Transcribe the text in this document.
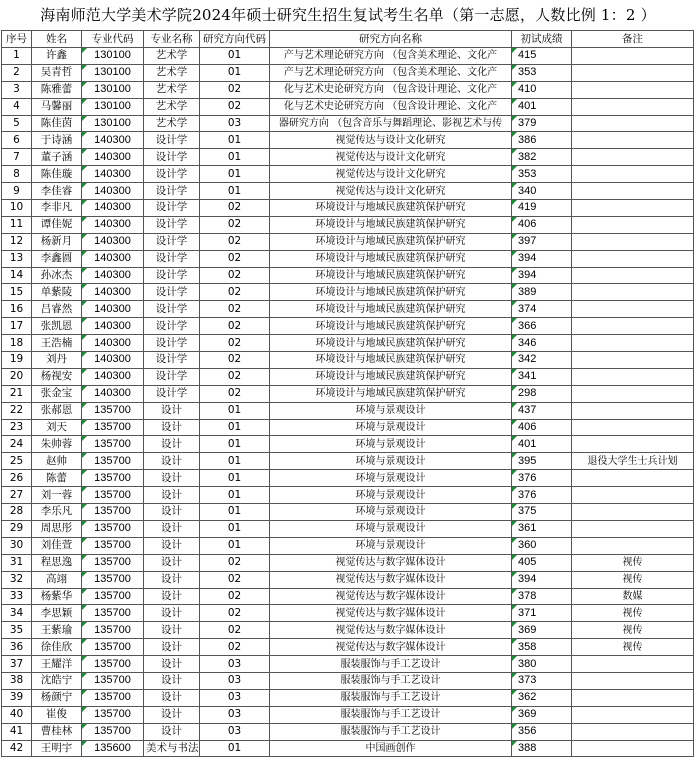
海南师范大学美术学院2024年硕士研究生招生复试考生名单（第一志愿，人数比例 1：2 ）
序号	姓名	专业代码	专业名称	研究方向代码	研究方向名称	初试成绩	备注
1	许鑫	130100	艺术学	01	产与艺术理论研究方向 （包含美术理论、文化产	415	
2	吴青哲	130100	艺术学	01	产与艺术理论研究方向 （包含美术理论、文化产	353	
3	陈雅蕾	130100	艺术学	02	化与艺术史论研究方向 （包含设计理论、文化产	410	
4	马馨丽	130100	艺术学	02	化与艺术史论研究方向 （包含设计理论、文化产	401	
5	陈佳茵	130100	艺术学	03	器研究方向 （包含音乐与舞蹈理论、影视艺术与传	379	
6	于诗涵	140300	设计学	01	视觉传达与设计文化研究	386	
7	董子涵	140300	设计学	01	视觉传达与设计文化研究	382	
8	陈佳璇	140300	设计学	01	视觉传达与设计文化研究	353	
9	李佳睿	140300	设计学	01	视觉传达与设计文化研究	340	
10	李非凡	140300	设计学	02	环境设计与地域民族建筑保护研究	419	
11	谭佳妮	140300	设计学	02	环境设计与地域民族建筑保护研究	406	
12	杨新月	140300	设计学	02	环境设计与地域民族建筑保护研究	397	
13	李鑫圆	140300	设计学	02	环境设计与地域民族建筑保护研究	394	
14	孙冰杰	140300	设计学	02	环境设计与地域民族建筑保护研究	394	
15	单紫陵	140300	设计学	02	环境设计与地域民族建筑保护研究	389	
16	吕睿然	140300	设计学	02	环境设计与地域民族建筑保护研究	374	
17	张凯恩	140300	设计学	02	环境设计与地域民族建筑保护研究	366	
18	王浩楠	140300	设计学	02	环境设计与地域民族建筑保护研究	346	
19	刘丹	140300	设计学	02	环境设计与地域民族建筑保护研究	342	
20	杨视安	140300	设计学	02	环境设计与地域民族建筑保护研究	341	
21	张金宝	140300	设计学	02	环境设计与地域民族建筑保护研究	298	
22	张郝恩	135700	设计	01	环境与景观设计	437	
23	刘天	135700	设计	01	环境与景观设计	406	
24	朱帅蓉	135700	设计	01	环境与景观设计	401	
25	赵帅	135700	设计	01	环境与景观设计	395	退役大学生士兵计划
26	陈蕾	135700	设计	01	环境与景观设计	376	
27	刘一蓉	135700	设计	01	环境与景观设计	376	
28	李乐凡	135700	设计	01	环境与景观设计	375	
29	周思彤	135700	设计	01	环境与景观设计	361	
30	刘佳萱	135700	设计	01	环境与景观设计	360	
31	程思逸	135700	设计	02	视觉传达与数字媒体设计	405	视传
32	高翊	135700	设计	02	视觉传达与数字媒体设计	394	视传
33	杨紫华	135700	设计	02	视觉传达与数字媒体设计	378	数媒
34	李思颖	135700	设计	02	视觉传达与数字媒体设计	371	视传
35	王紫瑜	135700	设计	02	视觉传达与数字媒体设计	369	视传
36	徐佳欣	135700	设计	02	视觉传达与数字媒体设计	358	视传
37	王耀洋	135700	设计	03	服装服饰与手工艺设计	380	
38	沈皓宁	135700	设计	03	服装服饰与手工艺设计	373	
39	杨颜宁	135700	设计	03	服装服饰与手工艺设计	362	
40	崔俊	135700	设计	03	服装服饰与手工艺设计	369	
41	曹桂林	135700	设计	03	服装服饰与手工艺设计	356	
42	王明宇	135600	美术与书法	01	中国画创作	388	
